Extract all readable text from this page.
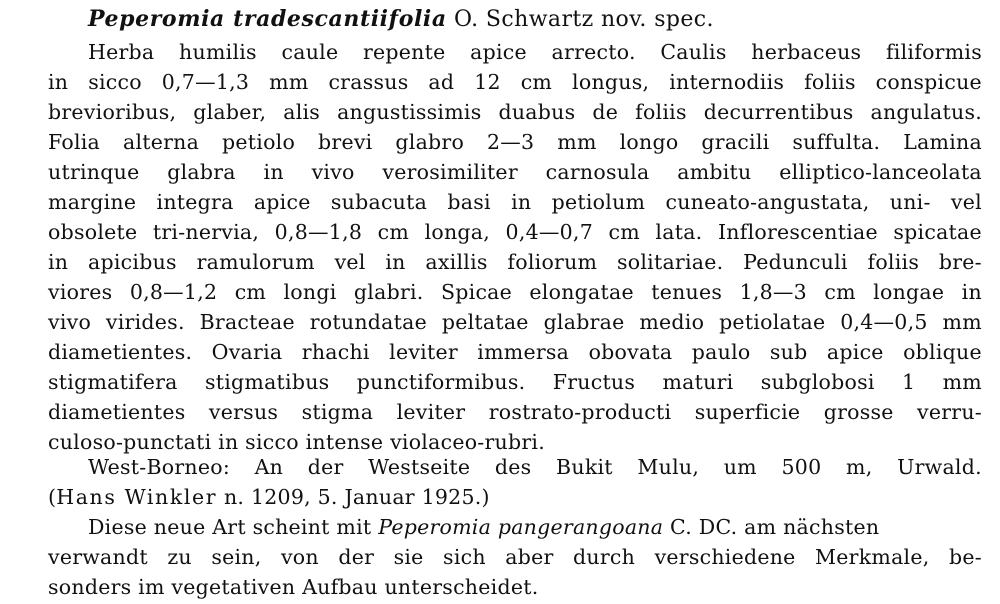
Peperomia tradescantiifolia O. Schwartz nov. spec.
Herba humilis caule repente apice arrecto. Caulis herbaceus filiformis
in sicco 0,7—1,3 mm crassus ad 12 cm longus, internodiis foliis conspicue
brevioribus, glaber, alis angustissimis duabus de foliis decurrentibus angulatus.
Folia alterna petiolo brevi glabro 2—3 mm longo gracili suffulta. Lamina
utrinque glabra in vivo verosimiliter carnosula ambitu elliptico-lanceolata
margine integra apice subacuta basi in petiolum cuneato-angustata, uni- vel
obsolete tri-nervia, 0,8—1,8 cm longa, 0,4—0,7 cm lata. Inflorescentiae spicatae
in apicibus ramulorum vel in axillis foliorum solitariae. Pedunculi foliis bre-
viores 0,8—1,2 cm longi glabri. Spicae elongatae tenues 1,8—3 cm longae in
vivo virides. Bracteae rotundatae peltatae glabrae medio petiolatae 0,4—0,5 mm
diametientes. Ovaria rhachi leviter immersa obovata paulo sub apice oblique
stigmatifera stigmatibus punctiformibus. Fructus maturi subglobosi 1 mm
diametientes versus stigma leviter rostrato-producti superficie grosse verru-
culoso-punctati in sicco intense violaceo-rubri.
West-Borneo: An der Westseite des Bukit Mulu, um 500 m, Urwald.
(Hans Winkler n. 1209, 5. Januar 1925.)
Diese neue Art scheint mit Peperomia pangerangoana C. DC. am nächsten
verwandt zu sein, von der sie sich aber durch verschiedene Merkmale, be-
sonders im vegetativen Aufbau unterscheidet.
